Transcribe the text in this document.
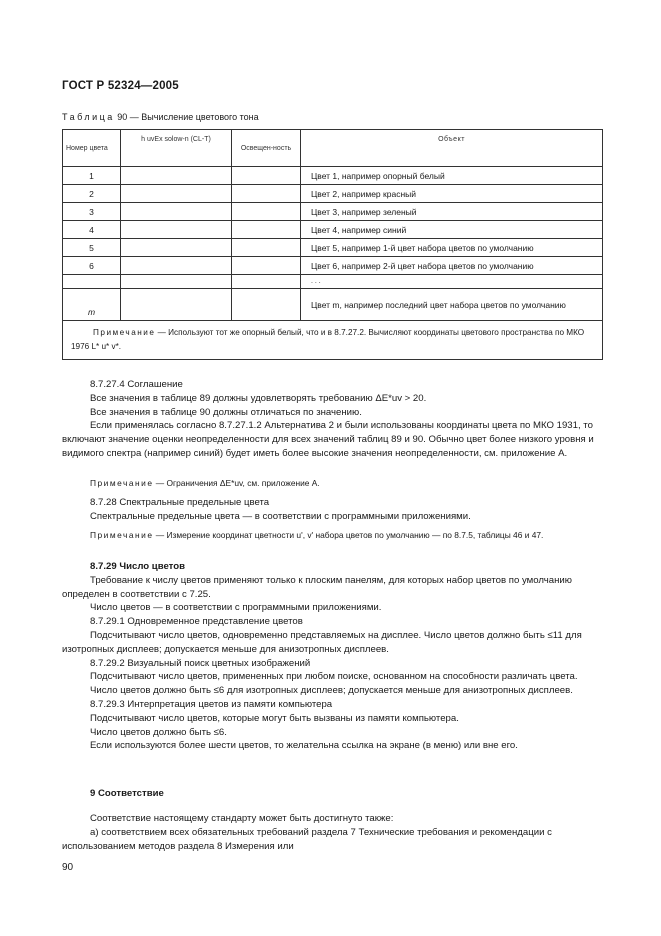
ГОСТ Р 52324—2005
Таблица 90 — Вычисление цветового тона
Номер цвета	h uvEx solow-n (CL-T)	Освещен-ность	Объект
1			Цвет 1, например опорный белый
2			Цвет 2, например красный
3			Цвет 3, например зеленый
4			Цвет 4, например синий
5			Цвет 5, например 1-й цвет набора цветов по умолчанию
6			Цвет 6, например 2-й цвет набора цветов по умолчанию
			. . .
m			Цвет m, например последний цвет набора цветов по умолчанию
Примечание — Используют тот же опорный белый, что и в 8.7.27.2. Вычисляют координаты цветового пространства по МКО 1976 L* u* v*.			

8.7.27.4 Соглашение

Все значения в таблице 89 должны удовлетворять требованию ΔE*uv > 20.

Все значения в таблице 90 должны отличаться по значению.

Если применялась согласно 8.7.27.1.2 Альтернатива 2 и были использованы координаты цвета по МКО 1931, то включают значение оценки неопределенности для всех значений таблиц 89 и 90. Обычно цвет более низкого уровня и видимого спектра (например синий) будет иметь более высокие значения неопределенности, см. приложение А.

Примечание — Ограничения ΔE*uv, см. приложение А.

8.7.28 Спектральные предельные цвета

Спектральные предельные цвета — в соответствии с программными приложениями.

Примечание — Измерение координат цветности u', v' набора цветов по умолчанию — по 8.7.5, таблицы 46 и 47.

8.7.29 Число цветов

Требование к числу цветов применяют только к плоским панелям, для которых набор цветов по умолчанию определен в соответствии с 7.25.

Число цветов — в соответствии с программными приложениями.

8.7.29.1 Одновременное представление цветов

Подсчитывают число цветов, одновременно представляемых на дисплее. Число цветов должно быть ≤11 для изотропных дисплеев; допускается меньше для анизотропных дисплеев.

8.7.29.2 Визуальный поиск цветных изображений

Подсчитывают число цветов, примененных при любом поиске, основанном на способности различать цвета.

Число цветов должно быть ≤6 для изотропных дисплеев; допускается меньше для анизотропных дисплеев.

8.7.29.3 Интерпретация цветов из памяти компьютера

Подсчитывают число цветов, которые могут быть вызваны из памяти компьютера.

Число цветов должно быть ≤6.

Если используются более шести цветов, то желательна ссылка на экране (в меню) или вне его.

9 Соответствие

Соответствие настоящему стандарту может быть достигнуто также:

а) соответствием всех обязательных требований раздела 7 Технические требования и рекомендации с использованием методов раздела 8 Измерения или

90
